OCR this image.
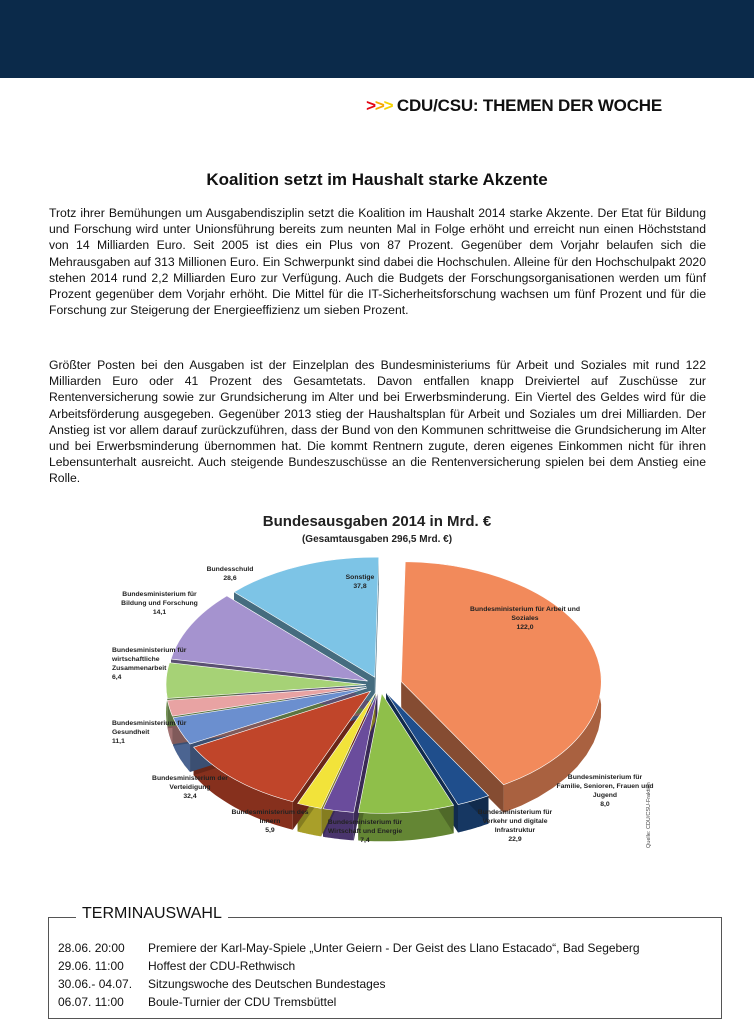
>>> CDU/CSU: THEMEN DER WOCHE
Koalition setzt im Haushalt starke Akzente
Trotz ihrer Bemühungen um Ausgabendisziplin setzt die Koalition im Haushalt 2014 starke Akzente. Der Etat für Bildung und Forschung wird unter Unionsführung bereits zum neunten Mal in Folge erhöht und erreicht nun einen Höchststand von 14 Milliarden Euro. Seit 2005 ist dies ein Plus von 87 Prozent. Gegenüber dem Vorjahr belaufen sich die Mehrausgaben auf 313 Millionen Euro. Ein Schwerpunkt sind dabei die Hochschulen. Alleine für den Hochschulpakt 2020 stehen 2014 rund 2,2 Milliarden Euro zur Verfügung. Auch die Budgets der Forschungsorganisationen werden um fünf Prozent gegenüber dem Vorjahr erhöht. Die Mittel für die IT-Sicherheitsforschung wachsen um fünf Prozent und für die Forschung zur Steigerung der Energieeffizienz um sieben Prozent.
Größter Posten bei den Ausgaben ist der Einzelplan des Bundesministeriums für Arbeit und Soziales mit rund 122 Milliarden Euro oder 41 Prozent des Gesamtetats. Davon entfallen knapp Dreiviertel auf Zuschüsse zur Rentenversicherung sowie zur Grundsicherung im Alter und bei Erwerbsminderung. Ein Viertel des Geldes wird für die Arbeitsförderung ausgegeben. Gegenüber 2013 stieg der Haushaltsplan für Arbeit und Soziales um drei Milliarden. Der Anstieg ist vor allem darauf zurückzuführen, dass der Bund von den Kommunen schrittweise die Grundsicherung im Alter und bei Erwerbsminderung übernommen hat. Die kommt Rentnern zugute, deren eigenes Einkommen nicht für ihren Lebensunterhalt ausreicht. Auch steigende Bundeszuschüsse an die Rentenversicherung spielen bei dem Anstieg eine Rolle.
Bundesausgaben 2014 in Mrd. €
(Gesamtausgaben 296,5 Mrd. €)
Bundesministerium für Arbeit und Soziales
122,0
Bundesministerium für Familie, Senioren, Frauen und Jugend
8,0
Bundesministerium für Verkehr und digitale Infrastruktur
22,9
Bundesministerium für Wirtschaft und Energie
7,4
Bundesministerium des Innern
5,9
Bundesministerium der Verteidigung
32,4
Bundesministerium für Gesundheit
11,1
Bundesministerium für wirtschaftliche Zusammenarbeit
6,4
Bundesministerium für Bildung und Forschung
14,1
Bundesschuld
28,6	Sonstige
37,8
Quelle: CDU/CSU-Fraktion
TERMINAUSWAHL
28.06. 20:00 Premiere der Karl-May-Spiele „Unter Geiern - Der Geist des Llano Estacado“, Bad Segeberg
29.06. 11:00 Hoffest der CDU-Rethwisch
30.06.- 04.07. Sitzungswoche des Deutschen Bundestages
06.07. 11:00 Boule-Turnier der CDU Tremsbüttel
